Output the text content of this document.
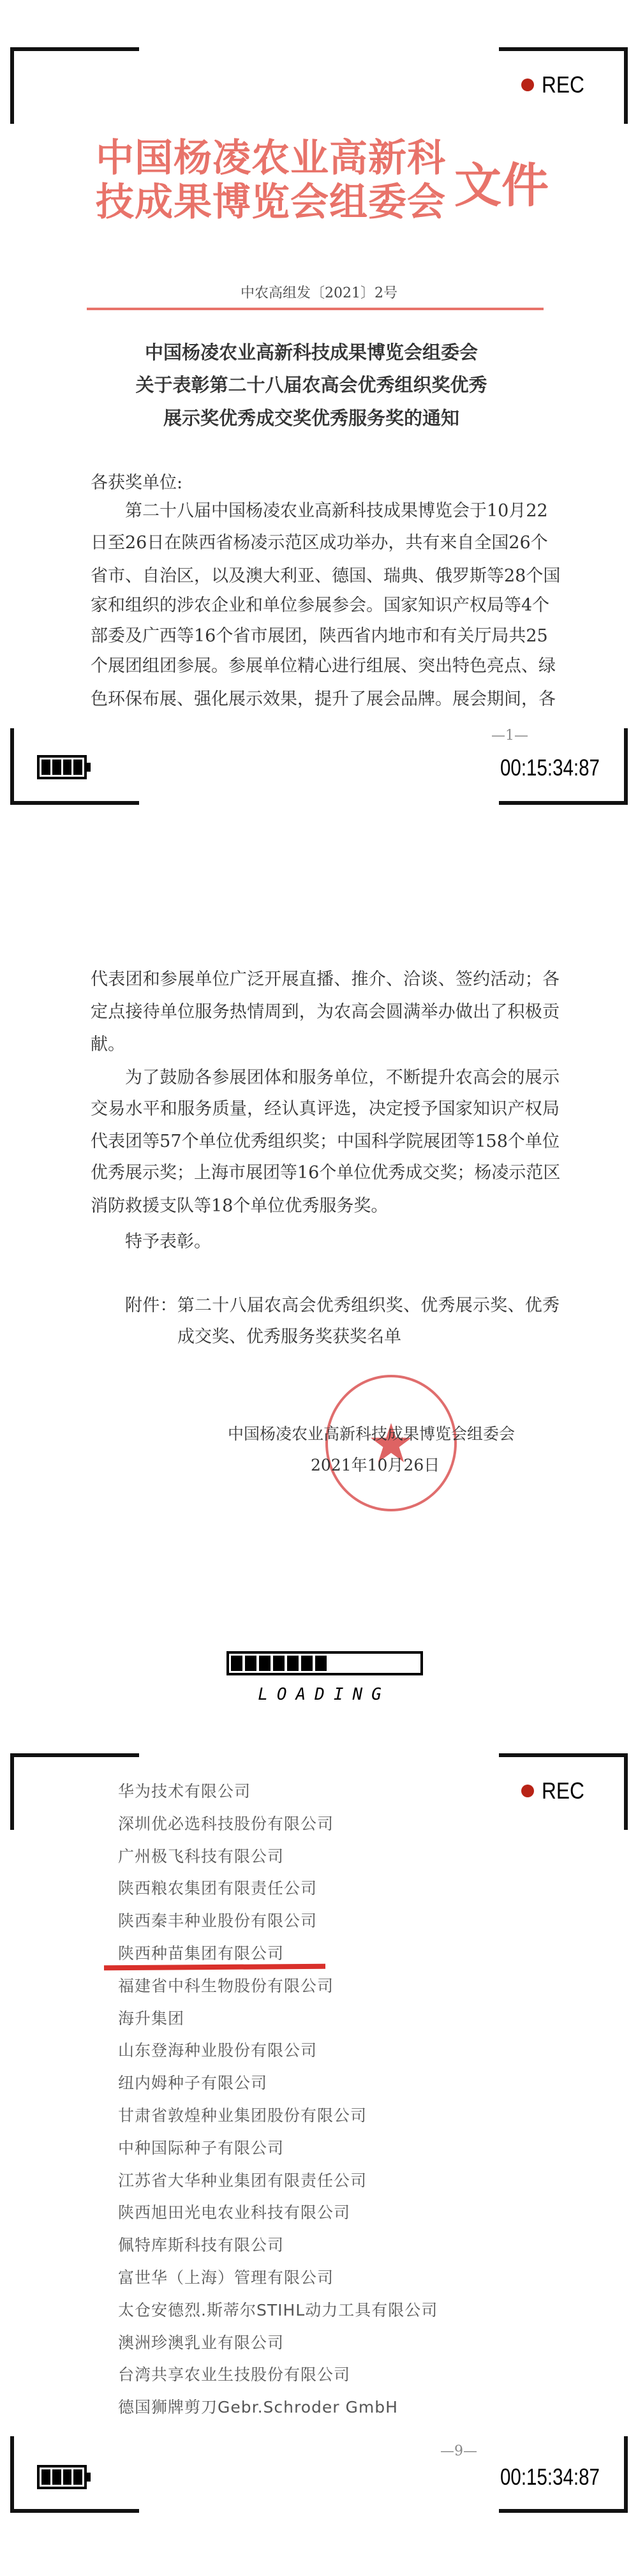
REC
00:15:34:87
中国杨凌农业高新科
技成果博览会组委会 文件
中农高组发〔2021〕2号
中国杨凌农业高新科技成果博览会组委会
关于表彰第二十八届农高会优秀组织奖优秀
展示奖优秀成交奖优秀服务奖的通知
各获奖单位:
第二十八届中国杨凌农业高新科技成果博览会于10月22
日至26日在陕西省杨凌示范区成功举办，共有来自全国26个
省市、自治区，以及澳大利亚、德国、瑞典、俄罗斯等28个国
家和组织的涉农企业和单位参展参会。国家知识产权局等4个
部委及广西等16个省市展团，陕西省内地市和有关厅局共25
个展团组团参展。参展单位精心进行组展、突出特色亮点、绿
色环保布展、强化展示效果，提升了展会品牌。展会期间，各
—1—
代表团和参展单位广泛开展直播、推介、洽谈、签约活动；各
定点接待单位服务热情周到，为农高会圆满举办做出了积极贡
献。
为了鼓励各参展团体和服务单位，不断提升农高会的展示
交易水平和服务质量，经认真评选，决定授予国家知识产权局
代表团等57个单位优秀组织奖；中国科学院展团等158个单位
优秀展示奖；上海市展团等16个单位优秀成交奖；杨凌示范区
消防救援支队等18个单位优秀服务奖。
特予表彰。
附件：第二十八届农高会优秀组织奖、优秀展示奖、优秀
成交奖、优秀服务奖获奖名单
中国杨凌农业高新科技成果博览会组委会
2021年10月26日
LOADING
REC
—9—
00:15:34:87
华为技术有限公司
深圳优必选科技股份有限公司
广州极飞科技有限公司
陕西粮农集团有限责任公司
陕西秦丰种业股份有限公司
陕西种苗集团有限公司
福建省中科生物股份有限公司
海升集团
山东登海种业股份有限公司
纽内姆种子有限公司
甘肃省敦煌种业集团股份有限公司
中种国际种子有限公司
江苏省大华种业集团有限责任公司
陕西旭田光电农业科技有限公司
佩特库斯科技有限公司
富世华（上海）管理有限公司
太仓安德烈.斯蒂尔STIHL动力工具有限公司
澳洲珍澳乳业有限公司
台湾共享农业生技股份有限公司
德国狮牌剪刀Gebr.Schroder GmbH
